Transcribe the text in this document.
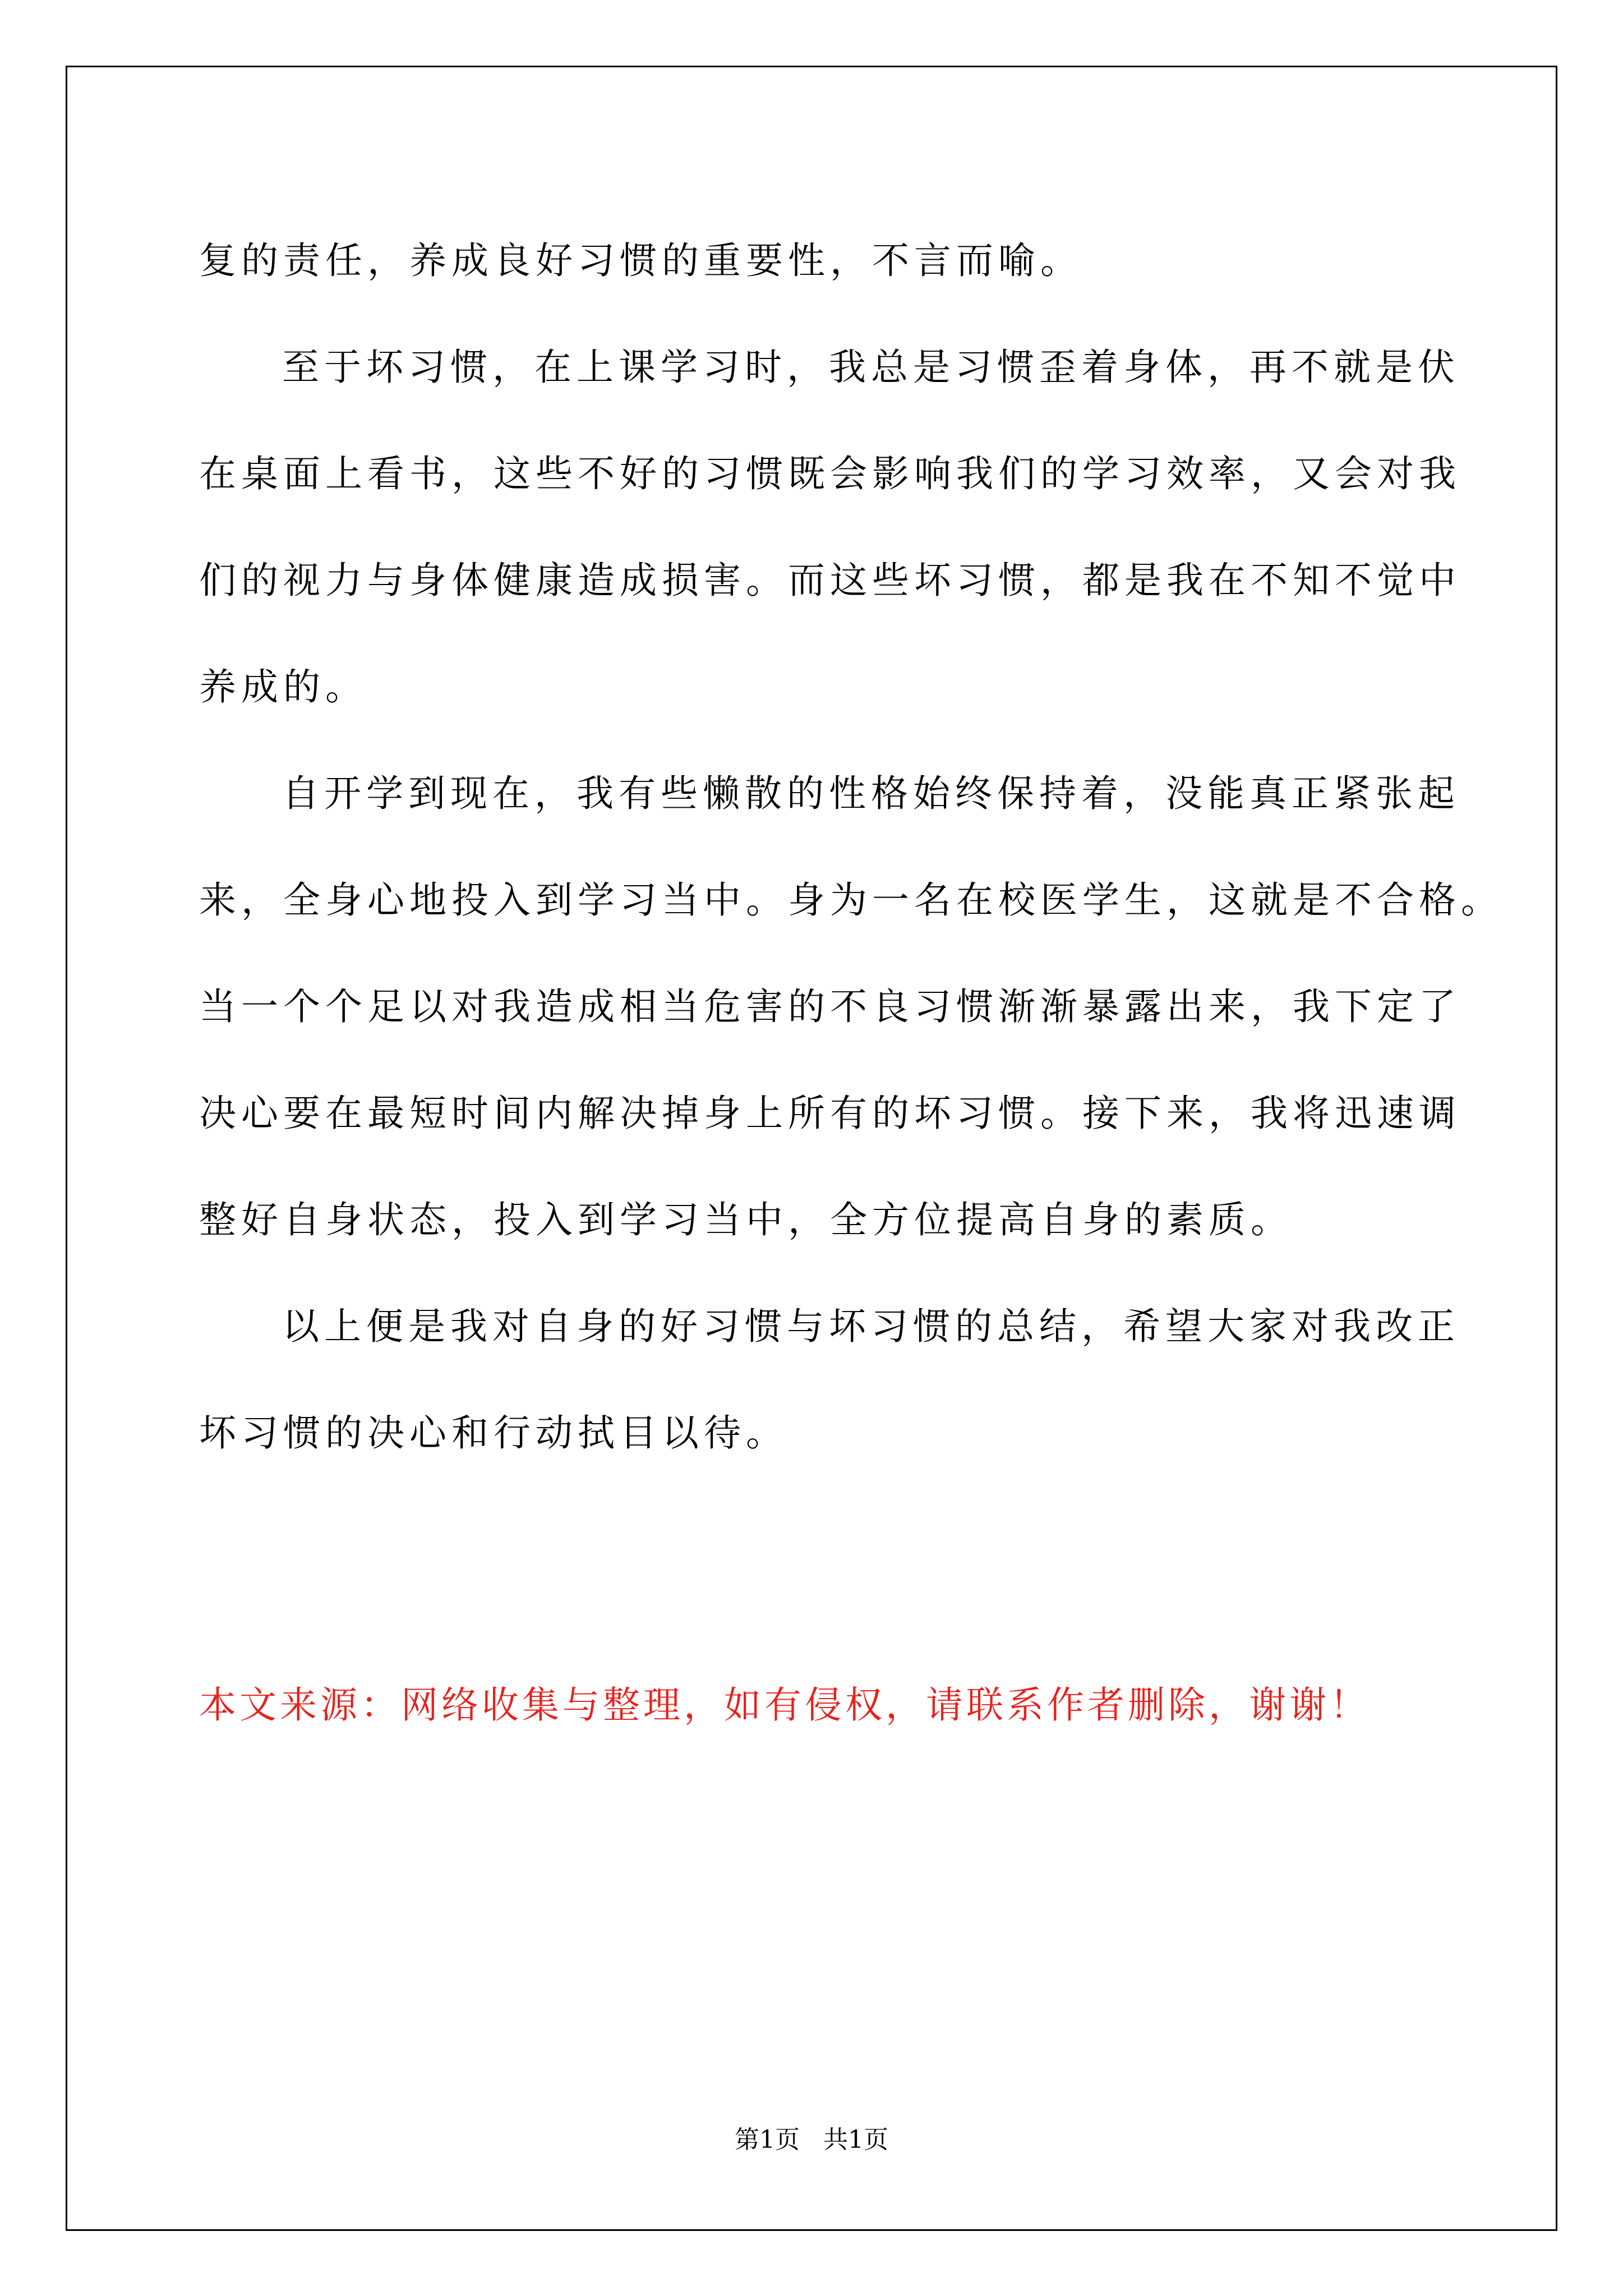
复的责任，养成良好习惯的重要性，不言而喻。
至于坏习惯，在上课学习时，我总是习惯歪着身体，再不就是伏
在桌面上看书，这些不好的习惯既会影响我们的学习效率，又会对我
们的视力与身体健康造成损害。而这些坏习惯，都是我在不知不觉中
养成的。
自开学到现在，我有些懒散的性格始终保持着，没能真正紧张起
来，全身心地投入到学习当中。身为一名在校医学生，这就是不合格。
当一个个足以对我造成相当危害的不良习惯渐渐暴露出来，我下定了
决心要在最短时间内解决掉身上所有的坏习惯。接下来，我将迅速调
整好自身状态，投入到学习当中，全方位提高自身的素质。
以上便是我对自身的好习惯与坏习惯的总结，希望大家对我改正
坏习惯的决心和行动拭目以待。
本文来源：网络收集与整理，如有侵权，请联系作者删除，谢谢！
第1页   共1页
